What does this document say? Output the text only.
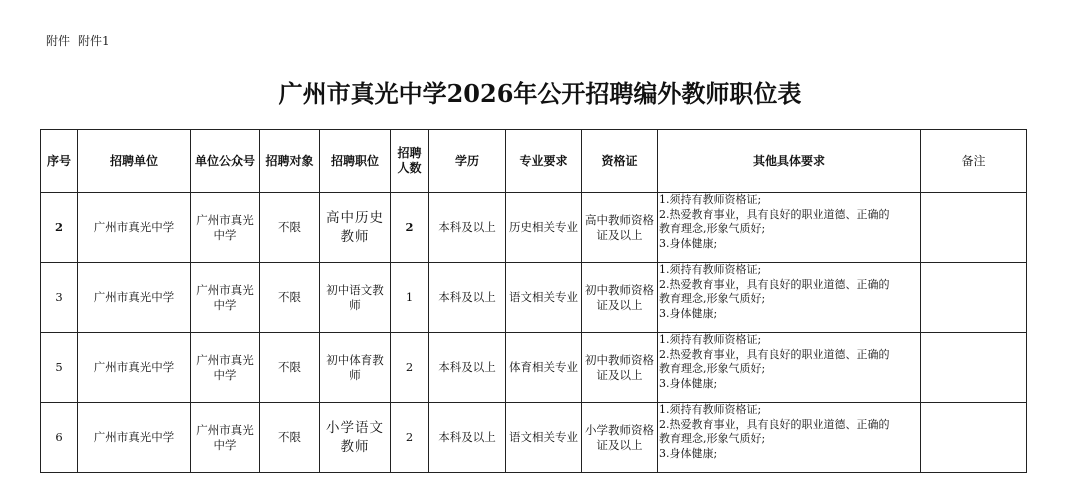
附件 附件1
广州市真光中学2026年公开招聘编外教师职位表
序号	招聘单位	单位公众号	招聘对象	招聘职位	招聘人数	学历	专业要求	资格证	其他具体要求	备注
2	广州市真光中学	广州市真光中学	不限	高中历史教师	2	本科及以上	历史相关专业	高中教师资格证及以上	1.须持有教师资格证;
2.热爱教育事业，具有良好的职业道德、正确的
教育理念,形象气质好;
3.身体健康;	

3	广州市真光中学	广州市真光中学	不限	初中语文教师	1	本科及以上	语文相关专业	初中教师资格证及以上	1.须持有教师资格证;
2.热爱教育事业，具有良好的职业道德、正确的
教育理念,形象气质好;
3.身体健康;	

5	广州市真光中学	广州市真光中学	不限	初中体育教师	2	本科及以上	体育相关专业	初中教师资格证及以上	1.须持有教师资格证;
2.热爱教育事业，具有良好的职业道德、正确的
教育理念,形象气质好;
3.身体健康;	

6	广州市真光中学	广州市真光中学	不限	小学语文教师	2	本科及以上	语文相关专业	小学教师资格证及以上	1.须持有教师资格证;
2.热爱教育事业，具有良好的职业道德、正确的
教育理念,形象气质好;
3.身体健康;	
